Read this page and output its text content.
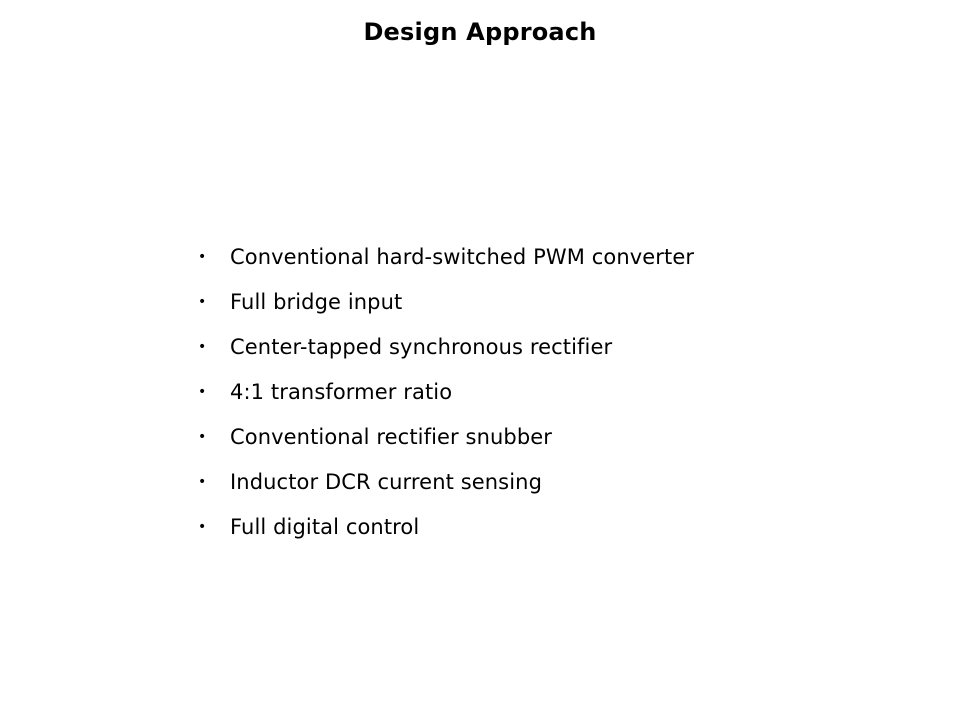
Design Approach
•	Conventional hard-switched PWM converter
•	Full bridge input
•	Center-tapped synchronous rectifier
•	4:1 transformer ratio
•	Conventional rectifier snubber
•	Inductor DCR current sensing
•	Full digital control
